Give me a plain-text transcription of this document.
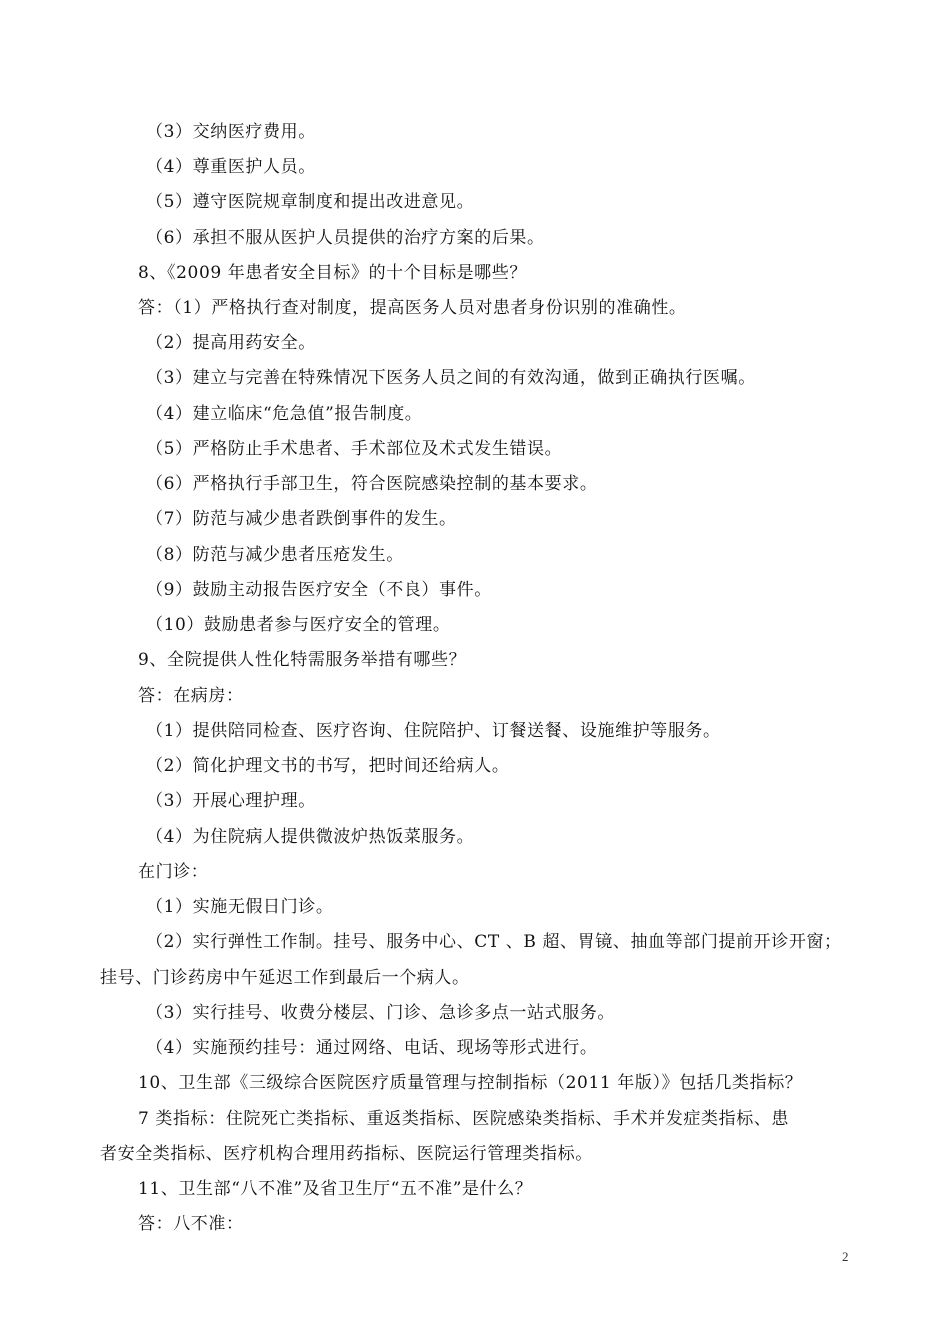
（3）交纳医疗费用。
（4）尊重医护人员。
（5）遵守医院规章制度和提出改进意见。
（6）承担不服从医护人员提供的治疗方案的后果。
8、《2009 年患者安全目标》的十个目标是哪些？
答：（1）严格执行查对制度，提高医务人员对患者身份识别的准确性。
（2）提高用药安全。
（3）建立与完善在特殊情况下医务人员之间的有效沟通，做到正确执行医嘱。
（4）建立临床“危急值”报告制度。
（5）严格防止手术患者、手术部位及术式发生错误。
（6）严格执行手部卫生，符合医院感染控制的基本要求。
（7）防范与减少患者跌倒事件的发生。
（8）防范与减少患者压疮发生。
（9）鼓励主动报告医疗安全（不良）事件。
（10）鼓励患者参与医疗安全的管理。
9、全院提供人性化特需服务举措有哪些？
答：在病房：
（1）提供陪同检查、医疗咨询、住院陪护、订餐送餐、设施维护等服务。
（2）简化护理文书的书写，把时间还给病人。
（3）开展心理护理。
（4）为住院病人提供微波炉热饭菜服务。
在门诊：
（1）实施无假日门诊。
（2）实行弹性工作制。挂号、服务中心、CT 、B 超、胃镜、抽血等部门提前开诊开窗；
挂号、门诊药房中午延迟工作到最后一个病人。
（3）实行挂号、收费分楼层、门诊、急诊多点一站式服务。
（4）实施预约挂号：通过网络、电话、现场等形式进行。
10、卫生部《三级综合医院医疗质量管理与控制指标（2011 年版）》包括几类指标？
7 类指标：住院死亡类指标、重返类指标、医院感染类指标、手术并发症类指标、患
者安全类指标、医疗机构合理用药指标、医院运行管理类指标。
11、卫生部“八不准”及省卫生厅“五不准”是什么？
答：八不准：
2
